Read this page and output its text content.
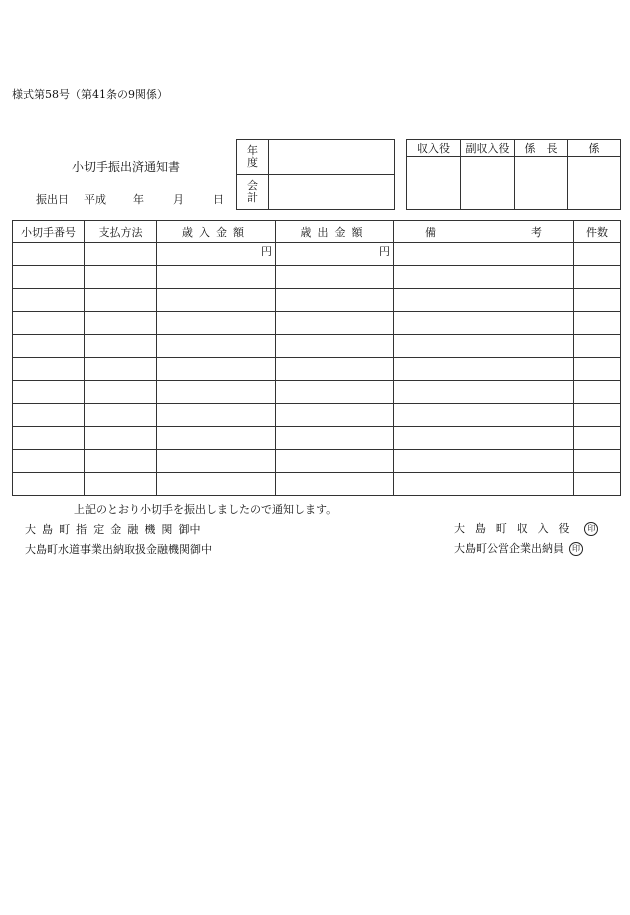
様式第58号（第41条の9関係）
小切手振出済通知書
振出日 平成 年	月	日
年
度	

会
計	

収入役	副収入役	係　長	係

小切手番号	支払方法	歳入金額	歳出金額	備 考	件数
		円	円		

上記のとおり小切手を振出しましたので通知します。
大島町指定金融機関御中
大島町水道事業出納取扱金融機関御中
大島町収入役 印
大島町公営企業出納員 印
